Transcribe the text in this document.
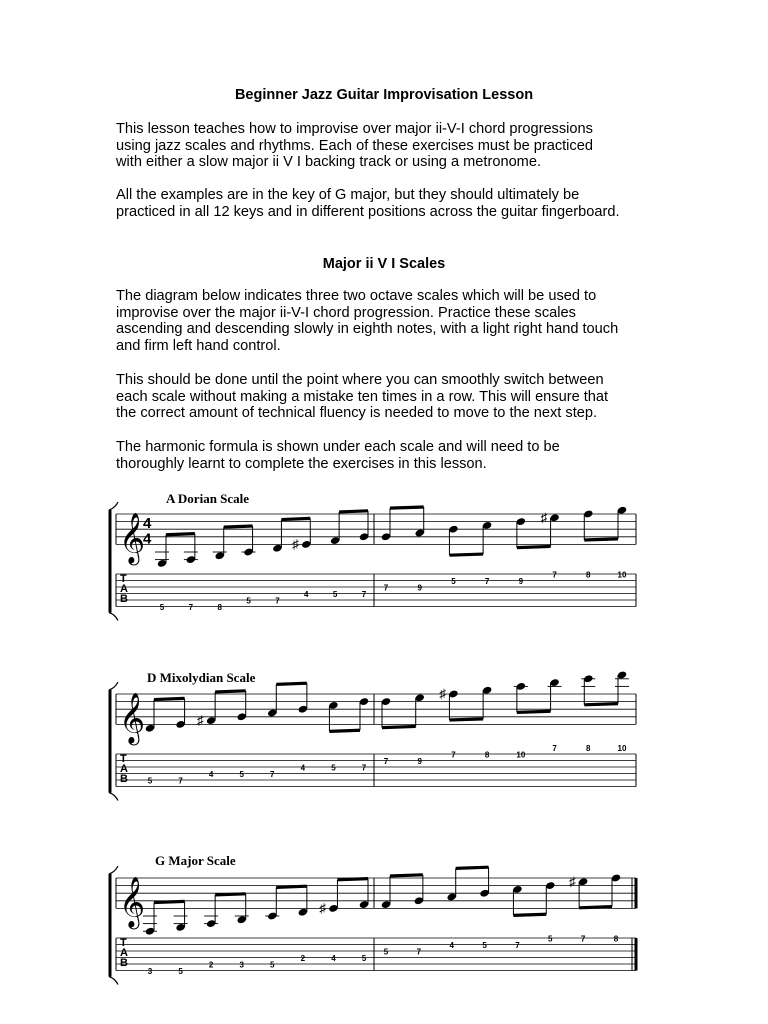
Beginner Jazz Guitar Improvisation Lesson
This lesson teaches how to improvise over major ii-V-I chord progressions
using jazz scales and rhythms. Each of these exercises must be practiced
with either a slow major ii V I backing track or using a metronome.
All the examples are in the key of G major, but they should ultimately be
practiced in all 12 keys and in different positions across the guitar fingerboard.
Major ii V I Scales
The diagram below indicates three two octave scales which will be used to
improvise over the major ii-V-I chord progression. Practice these scales
ascending and descending slowly in eighth notes, with a light right hand touch
and firm left hand control.
This should be done until the point where you can smoothly switch between
each scale without making a mistake ten times in a row. This will ensure that
the correct amount of technical fluency is needed to move to the next step.
The harmonic formula is shown under each scale and will need to be
thoroughly learnt to complete the exercises in this lesson.
A Dorian Scale
𝄞
4
4
T
A
B
5	7	8
5	7
♯
4	5	7
7	9
5	7	9
♯
7	8	10
D Mixolydian Scale
𝄞
T
A
B 5	7
♯
4	5	7
4	5	7
7	9
♯
7	8	10
7	8	10
G Major Scale
𝄞
T
A
B
3	5
2	3	5
2
♯
4	5
5	7
4	5	7
5
♯
7	8
